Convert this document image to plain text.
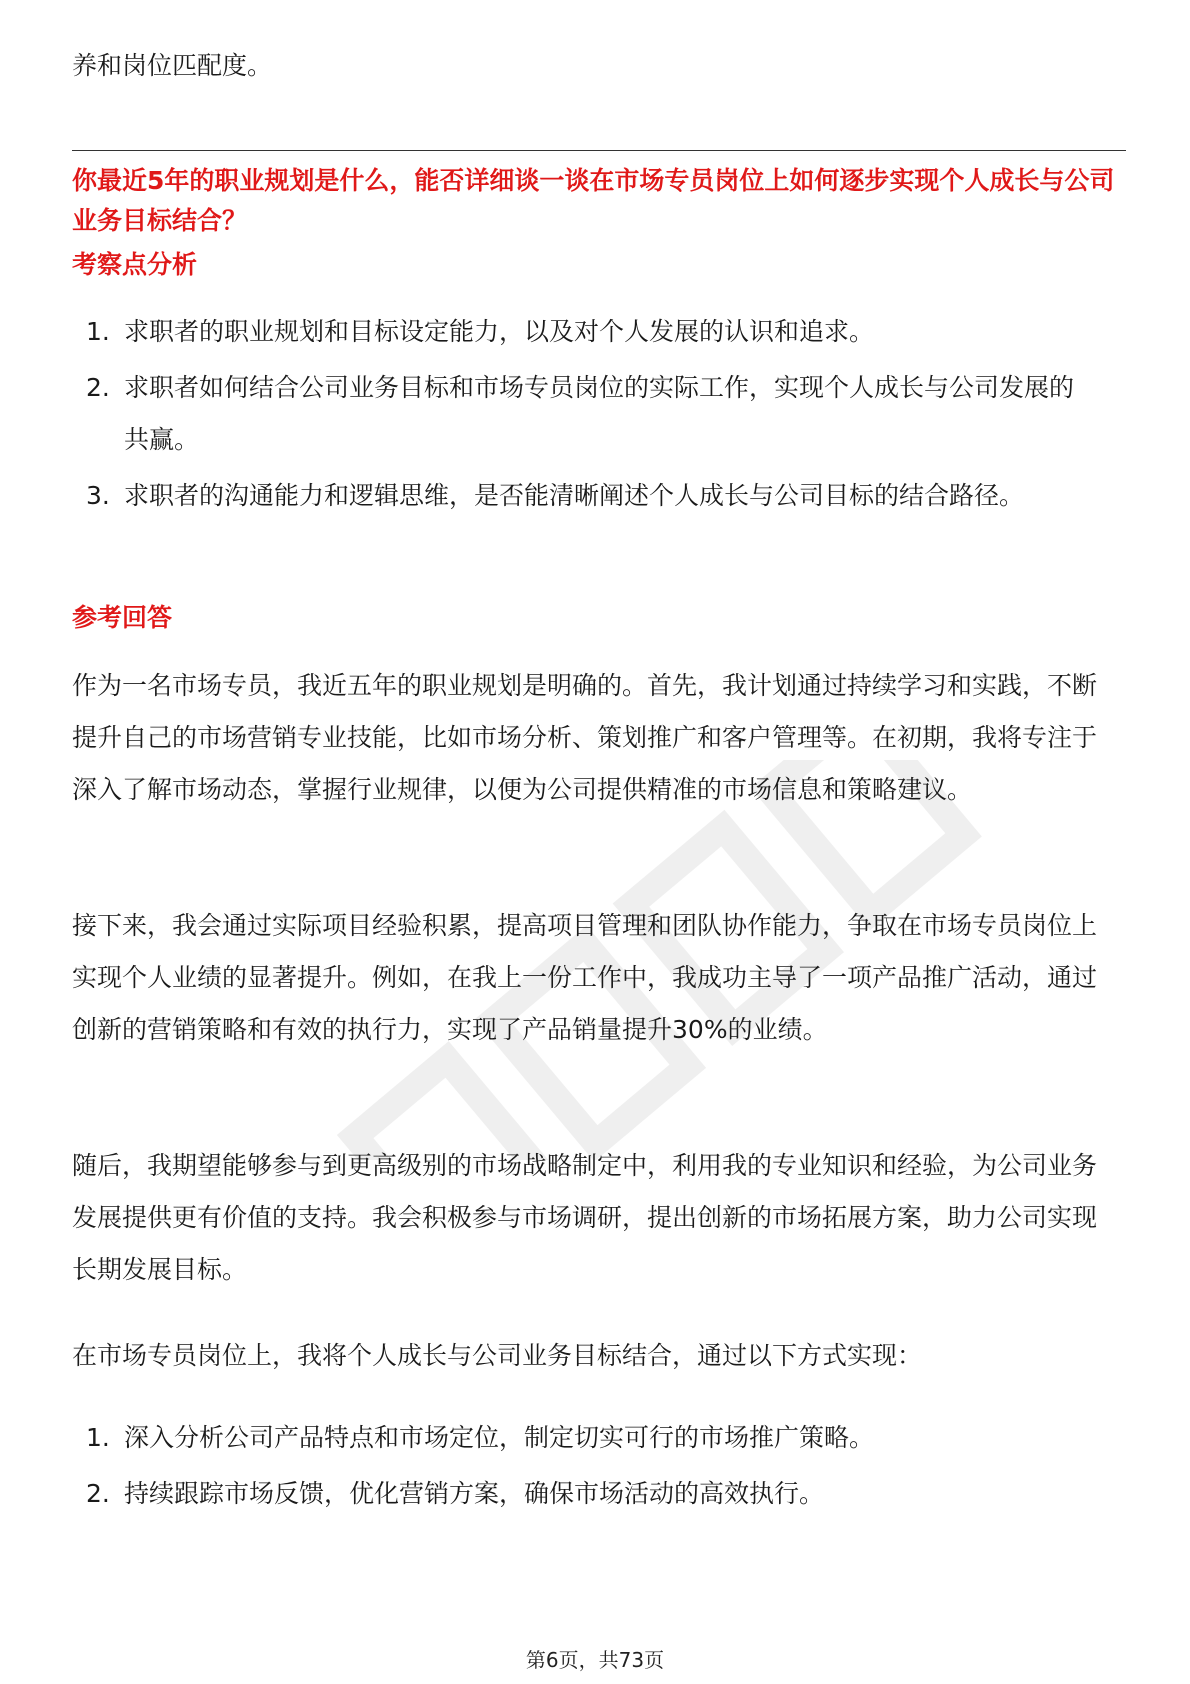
养和岗位匹配度。

你最近5年的职业规划是什么，能否详细谈一谈在市场专员岗位上如何逐步实现个人成长与公司业务目标结合？

考察点分析

1. 求职者的职业规划和目标设定能力，以及对个人发展的认识和追求。
2. 求职者如何结合公司业务目标和市场专员岗位的实际工作，实现个人成长与公司发展的共赢。
3. 求职者的沟通能力和逻辑思维，是否能清晰阐述个人成长与公司目标的结合路径。

参考回答

作为一名市场专员，我近五年的职业规划是明确的。首先，我计划通过持续学习和实践，不断提升自己的市场营销专业技能，比如市场分析、策划推广和客户管理等。在初期，我将专注于深入了解市场动态，掌握行业规律，以便为公司提供精准的市场信息和策略建议。

接下来，我会通过实际项目经验积累，提高项目管理和团队协作能力，争取在市场专员岗位上实现个人业绩的显著提升。例如，在我上一份工作中，我成功主导了一项产品推广活动，通过创新的营销策略和有效的执行力，实现了产品销量提升30%的业绩。

随后，我期望能够参与到更高级别的市场战略制定中，利用我的专业知识和经验，为公司业务发展提供更有价值的支持。我会积极参与市场调研，提出创新的市场拓展方案，助力公司实现长期发展目标。

在市场专员岗位上，我将个人成长与公司业务目标结合，通过以下方式实现：

1. 深入分析公司产品特点和市场定位，制定切实可行的市场推广策略。
2. 持续跟踪市场反馈，优化营销方案，确保市场活动的高效执行。
第6页，共73页
